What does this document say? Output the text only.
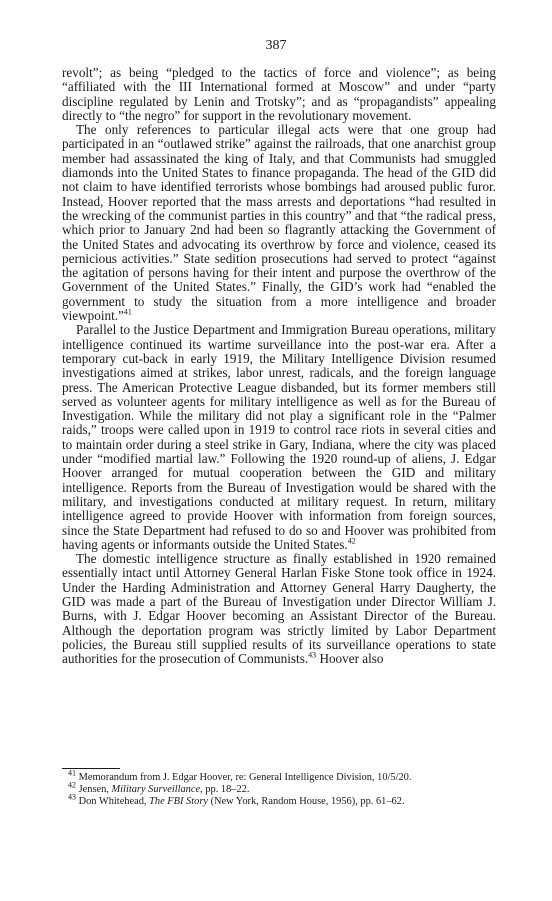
387

revolt”; as being “pledged to the tactics of force and violence”; as being “affiliated with the III International formed at Moscow” and under “party discipline regulated by Lenin and Trotsky”; and as “propagandists” appealing directly to “the negro” for support in the revolutionary movement.

The only references to particular illegal acts were that one group had participated in an “outlawed strike” against the railroads, that one anarchist group member had assassinated the king of Italy, and that Communists had smuggled diamonds into the United States to finance propaganda. The head of the GID did not claim to have identified terrorists whose bombings had aroused public furor. Instead, Hoover reported that the mass arrests and deportations “had resulted in the wrecking of the communist parties in this country” and that “the radical press, which prior to January 2nd had been so flagrantly attacking the Government of the United States and advocating its overthrow by force and violence, ceased its pernicious activities.” State sedition prosecutions had served to protect “against the agitation of persons having for their intent and purpose the overthrow of the Government of the United States.” Finally, the GID’s work had “enabled the government to study the situation from a more intelligence and broader viewpoint.”$^{41}$

Parallel to the Justice Department and Immigration Bureau operations, military intelligence continued its wartime surveillance into the post-war era. After a temporary cut-back in early 1919, the Military Intelligence Division resumed investigations aimed at strikes, labor unrest, radicals, and the foreign language press. The American Protective League disbanded, but its former members still served as volunteer agents for military intelligence as well as for the Bureau of Investigation. While the military did not play a significant role in the “Palmer raids,” troops were called upon in 1919 to control race riots in several cities and to maintain order during a steel strike in Gary, Indiana, where the city was placed under “modified martial law.” Following the 1920 round-up of aliens, J. Edgar Hoover arranged for mutual cooperation between the GID and military intelligence. Reports from the Bureau of Investigation would be shared with the military, and investigations conducted at military request. In return, military intelligence agreed to provide Hoover with information from foreign sources, since the State Department had refused to do so and Hoover was prohibited from having agents or informants outside the United States.$^{42}$

The domestic intelligence structure as finally established in 1920 remained essentially intact until Attorney General Harlan Fiske Stone took office in 1924. Under the Harding Administration and Attorney General Harry Daugherty, the GID was made a part of the Bureau of Investigation under Director William J. Burns, with J. Edgar Hoover becoming an Assistant Director of the Bureau. Although the deportation program was strictly limited by Labor Department policies, the Bureau still supplied results of its surveillance operations to state authorities for the prosecution of Communists.$^{43}$ Hoover also

$^{41}$ Memorandum from J. Edgar Hoover, re: General Intelligence Division, 10/5/20.

$^{42}$ Jensen, Military Surveillance, pp. 18–22.

$^{43}$ Don Whitehead, The FBI Story (New York, Random House, 1956), pp. 61–62.
